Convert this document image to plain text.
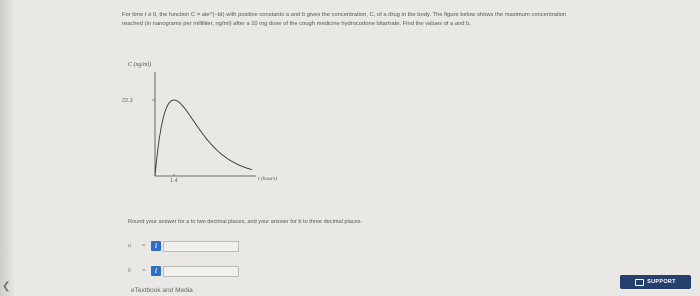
❮
For time t ≥ 0, the function C = ate^(−bt) with positive constants a and b gives the concentration, C, of a drug in the body. The figure below shows the maximum concentration reached (in nanograms per milliliter, ng/ml) after a 10 mg dose of the cough medicine hydrocodone bitartrate. Find the values of a and b.
C (ng/ml)
22.3
1.4	t (hours)
Round your answer for a to two decimal places, and your answer for b to three decimal places.
a	=	i
b	=	i
eTextbook and Media
SUPPORT
